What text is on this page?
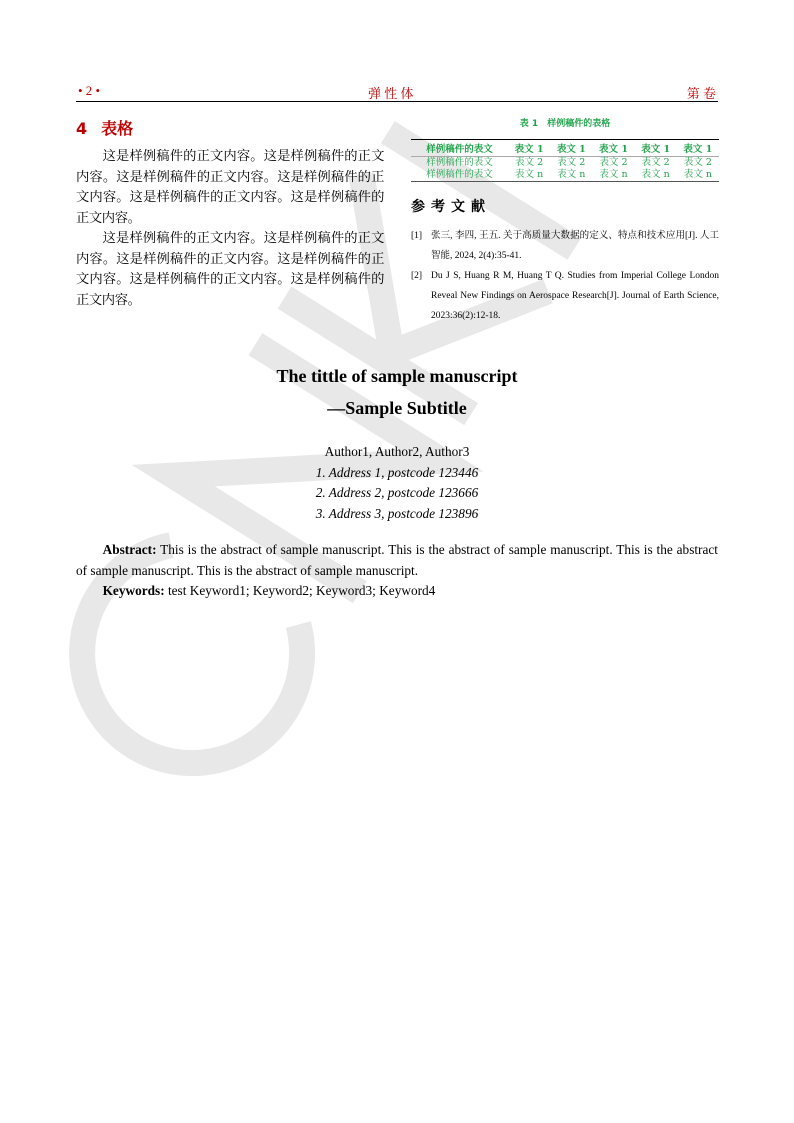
• 2 •	弹 性 体	第 卷
4 表格

这是样例稿件的正文内容。这是样例稿件的正文内容。这是样例稿件的正文内容。这是样例稿件的正文内容。这是样例稿件的正文内容。这是样例稿件的正文内容。

这是样例稿件的正文内容。这是样例稿件的正文内容。这是样例稿件的正文内容。这是样例稿件的正文内容。这是样例稿件的正文内容。这是样例稿件的正文内容。

表 1　样例稿件的表格
样例稿件的表文	表文 1	表文 1	表文 1	表文 1	表文 1
样例稿件的表文	表文 2	表文 2	表文 2	表文 2	表文 2
样例稿件的表文	表文 n	表文 n	表文 n	表文 n	表文 n
参考文献
[1] 张三, 李四, 王五. 关于高质量大数据的定义、特点和技术应用[J]. 人工智能, 2024, 2(4):35-41.
[2] Du J S, Huang R M, Huang T Q. Studies from Imperial College London Reveal New Findings on Aerospace Research[J]. Journal of Earth Science, 2023:36(2):12-18.
The tittle of sample manuscript
—Sample Subtitle
Author1, Author2, Author3
1. Address 1, postcode 123446
2. Address 2, postcode 123666
3. Address 3, postcode 123896

Abstract: This is the abstract of sample manuscript. This is the abstract of sample manuscript. This is the abstract of sample manuscript. This is the abstract of sample manuscript.

Keywords: test Keyword1; Keyword2; Keyword3; Keyword4
